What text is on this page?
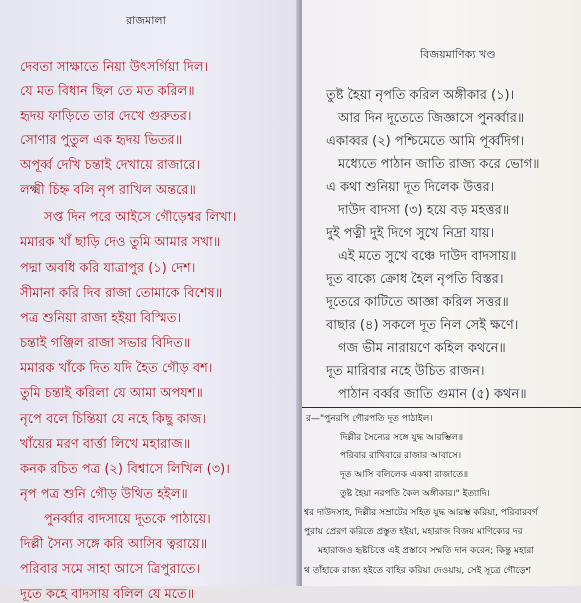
রাজমালা
দেবতা সাক্ষাতে নিয়া উৎসর্গিয়া দিল।
যে মত বিধান ছিল তে মত করিল॥
হৃদয় ফাড়িতে তার দেখে গুরুতর।
সোণার পুতুল এক হৃদয় ভিতর॥
অপূর্ব্ব দেখি চন্তাই দেখায়ে রাজারে।
লক্ষ্মী চিহ্ন বলি নৃপ রাখিল অন্তরে॥
সপ্ত দিন পরে আইসে গৌড়েশ্বর লিখা।
মমারক খাঁ ছাড়ি দেও তুমি আমার সখা॥
পদ্মা অবধি করি যাত্রাপুর (১) দেশ।
সীমানা করি দিব রাজা তোমাকে বিশেষ॥
পত্র শুনিয়া রাজা হইয়া বিস্মিত।
চন্তাই গঞ্জিল রাজা সভার বিদিত॥
মমারক খাঁকে দিত যদি হৈত গৌড় বশ।
তুমি চন্তাই করিলা যে আমা অপযশ॥
নৃপে বলে চিন্তিয়া যে নহে কিছু কাজ।
খাঁয়ের মরণ বার্ত্তা লিখে মহারাজ॥
কনক রচিত পত্র (২) বিশ্বাসে লিখিল (৩)।
নৃপ পত্র শুনি গৌড় উথিত হইল॥
পুনর্ব্বার বাদসায়ে দূতকে পাঠায়ে।
দিল্লী সৈন্য সঙ্গে করি আসিব ত্বরায়ে॥
পরিবার সমে সাহা আসে ত্রিপুরাতে।
দূতে কহে বাদসায় বলিল যে মতে॥
বিজয়মাণিক্য খণ্ড
তুষ্ট হৈয়া নৃপতি করিল অঙ্গীকার (১)।
আর দিন দূতেতে জিজ্ঞাসে পুনর্ব্বার॥
একাব্বর (২) পশ্চিমেতে আমি পূর্ব্বদিগ।
মধ্যেতে পাঠান জাতি রাজ্য করে ভোগ॥
এ কথা শুনিয়া দূত দিলেক উত্তর।
দাউদ বাদসা (৩) হয়ে বড় মহত্তর॥
দুই পত্নী দুই দিগে সুখে নিদ্রা যায়।
এই মতে সুখে বঞ্চে দাউদ বাদসায়॥
দূত বাক্যে ক্রোধ হৈল নৃপতি বিস্তর।
দূতেরে কাটিতে আজ্ঞা করিল সত্তর॥
বাছার (৪) সকলে দূত নিল সেই ক্ষণে।
গজ ভীম নারায়ণে কহিল কথনে॥
দূত মারিবার নহে উচিত রাজন।
পাঠান বর্ব্বর জাতি গুমান (৫) কথন॥
র—"পুনরপি গৌরপতি দূত পাঠাইল।
দিল্লীর সৈন্যের সঙ্গে যুদ্ধ আরম্ভিল॥
পরিবার রাখিবারে রাজার আবাসে।
দূত আসি বলিলেক একথা রাজাতে॥
তুষ্ট হৈয়া নরপতি কৈল অঙ্গীকার।" ইত্যাদি।
শ্বর দাউদসাহ, দিল্লীর সম্রাটের সহিত যুদ্ধ আরম্ভ করিয়া, পরিবারবর্গ
পুরায় প্রেরণ করিতে প্রস্তুত হইয়া, মহারাজ বিজয় মাণিক্যের দর
মহারাজও হৃষ্টচিত্তে এই প্রস্তাবে সম্মতি দান করেন; কিন্তু মহারা
থ তাঁহাকে রাজ্য হইতে বাহির করিয়া দেওয়ায়, সেই সূত্রে গৌড়েশ
